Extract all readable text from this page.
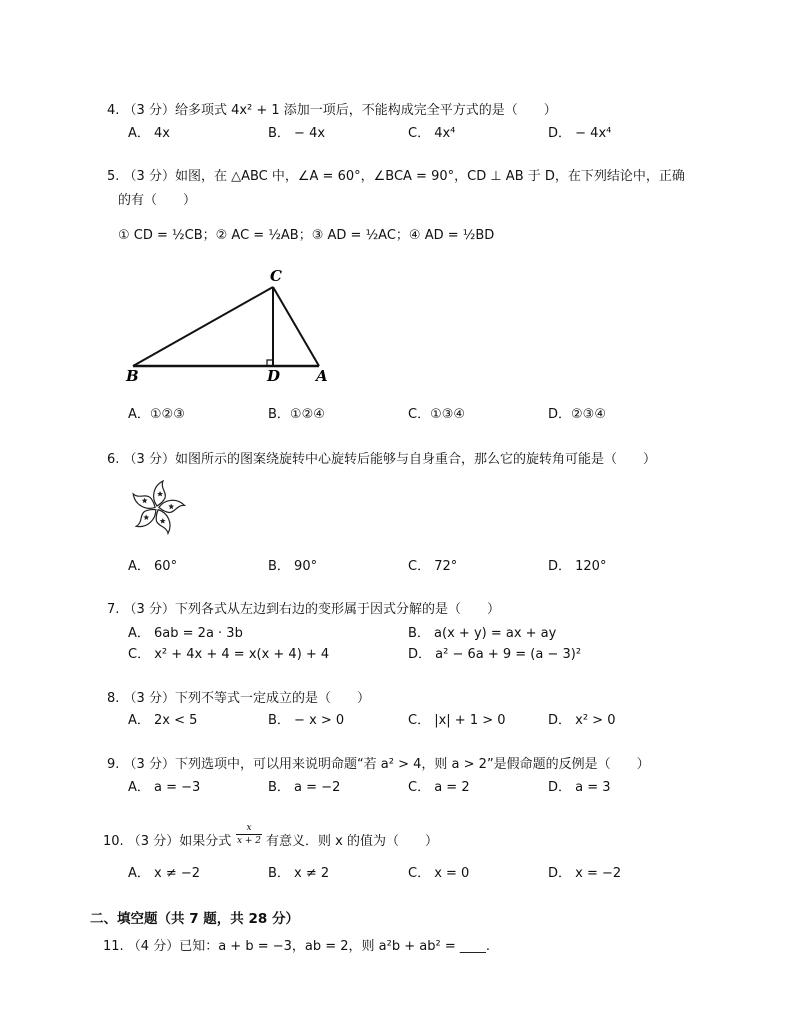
4. （3 分）给多项式 4x² + 1 添加一项后，不能构成完全平方式的是（　　）
A． 4x	B． − 4x	C． 4x⁴	D． − 4x⁴
5. （3 分）如图，在 △ABC 中，∠A = 60°，∠BCA = 90°，CD ⊥ AB 于 D，在下列结论中，正确
的有（　　）
① CD = ½CB；② AC = ½AB；③ AD = ½AC；④ AD = ½BD
C
B	D A
A．①②③	B．①②④	C．①③④	D．②③④
6. （3 分）如图所示的图案绕旋转中心旋转后能够与自身重合，那么它的旋转角可能是（　　）
A． 60°	B． 90°	C． 72°	D． 120°
7. （3 分）下列各式从左边到右边的变形属于因式分解的是（　　）
A． 6ab = 2a · 3b	B． a(x + y) = ax + ay
C． x² + 4x + 4 = x(x + 4) + 4	D． a² − 6a + 9 = (a − 3)²
8. （3 分）下列不等式一定成立的是（　　）
A． 2x < 5	B． − x > 0	C． |x| + 1 > 0	D． x² > 0
9. （3 分）下列选项中，可以用来说明命题“若 a² > 4，则 a > 2”是假命题的反例是（　　）
A． a = −3	B． a = −2	C． a = 2	D． a = 3
10. （3 分）如果分式 $\frac{x}{x + 2}$ 有意义．则 x 的值为（　　）
A． x ≠ −2	B． x ≠ 2	C． x = 0	D． x = −2
二、填空题（共 7 题，共 28 分）
11. （4 分）已知：a + b = −3，ab = 2，则 a²b + ab² = ____.
